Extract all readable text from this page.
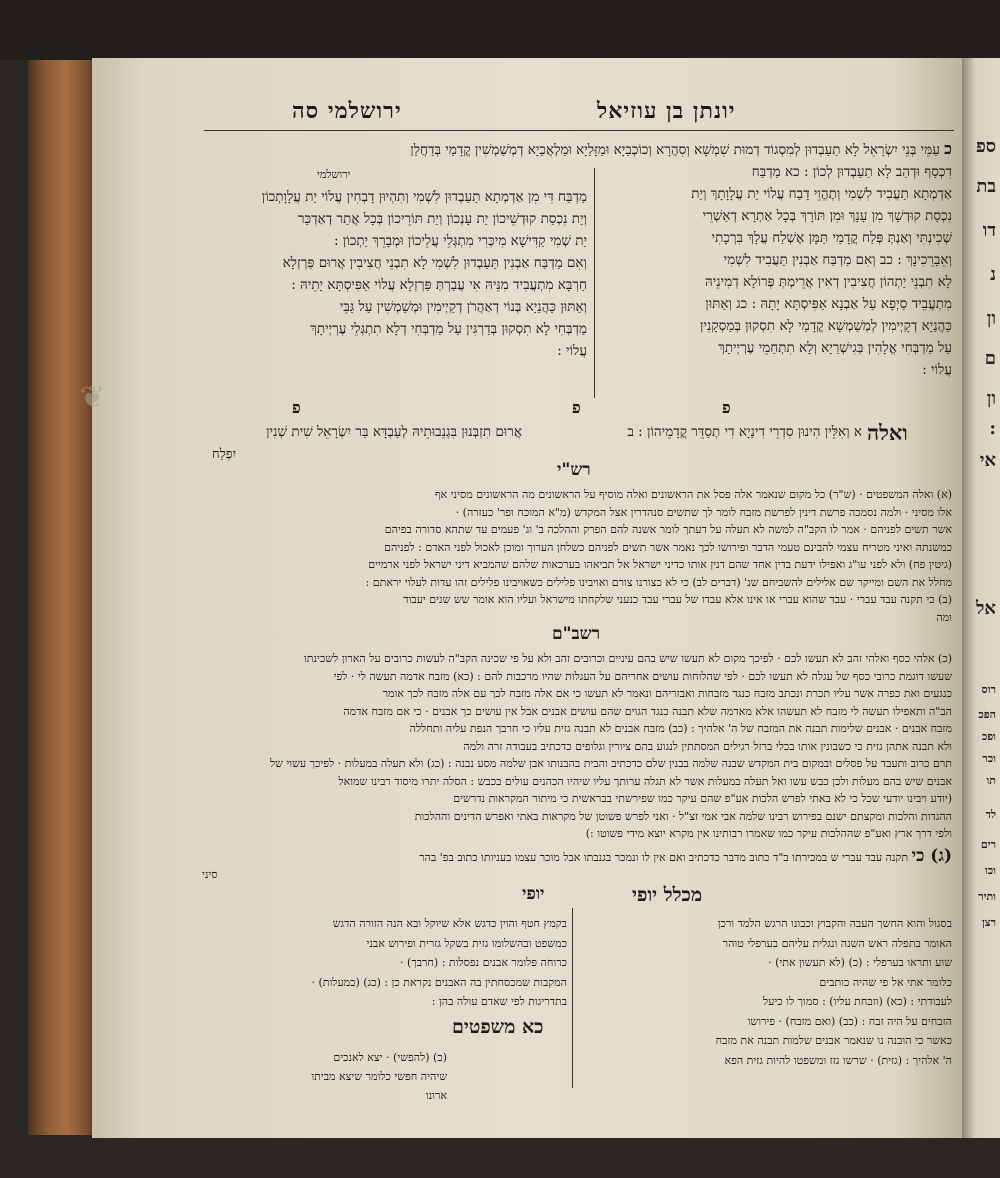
ירושלמי סה	יונתן בן עוזיאל
כ עַמֵּי בְּנֵי יִשְׂרָאֵל לָא תַעַבְדוּן לְמִסְגוֹד דְמוּת שִׁמְשָׁא וְסִהֲרָא וְכוֹכְבַיָא וּמַזָּלַיָא וּמַלְאֲכַיָא דְמְשַׁמְשִׁין קֳדָמַי בְּדַחֲלַן

דִכְסַף וּדְהַב לָא תַעַבְדוּן לְכוֹן : כא מַדְבַּח

אַדְמְתָא תַעֲבִיד לִשְׁמִי וְתֶהֱוֵי דָבַח עֲלוֹי יַת עֲלָוָתָךְ וְיַת

נִכְסַת קוּדְשָׁךְ מִן עָנָךְ וּמִן תּוֹרָךְ בְּכָל אַתְרָא דְאַשְׁרֵי

שְׁכִינְתִּי וְאַנְתְּ פְּלַח קֳדָמַי תַּמָּן אֶשְׁלַח עֲלָךְ בִּרְכָתִי

וְאֵבָרֵכִינָךְ : כב וְאִם מַדְבַּח אַבְנִין תַּעֲבִיד לִשְׁמִי

לָא תִבְנֵי יַתְהוֹן חֲצִיבִין דְאִין אֲרֵימְתְּ פְּרוֹלָא דְמִינֵיהּ

מִתְעֲבֵיד סַיְפָא עַל אַבְנָא אַפִּיסְתָּא יָתָהּ : כג וְאַתּוּן

כַּהֲנַיָא דְקָיְימִין לְמְשַׁמְשָׁא קֳדָמַי לָא תִסְקוּן בְּמַסְקָנִין

עַל מַדְבְּחִי אֱלָהִין בְּגִישְׁרַיָא וְלָא תִתְחַמֵי עֶרְיְיתָךְ

עֲלוֹי :

ירושלמי

מַדְבַּח דִּי מִן אַדְמְתָא תַעַבְדוּן לִשְׁמִי וְתִהְיוּן דָבְחִין עֲלוֹי יַת עֲלָוָתְכוֹן

וְיַת נִכְסַת קוּדְשֵׁיכוֹן יַת עָנְכוֹן וְיַת תּוֹרֵיכוֹן בְּכָל אֲתַר דְאַדְכַּר

יַת שְׁמִי קַדִּישָׁא מִיכְּרִי מִתְגְּלֵי עֲלֵיכוֹן וּמְבָרֵךְ יַתְכוֹן :

וְאִם מַדְבַּח אַבְנִין תַּעַבְדוּן לִשְׁמִי לָא תִבְנֵי חֲצִיבִין אֲרוּם פַּרְזְלָא

חַרְבָּא מִתְעֲבִיד מִנֵּיהּ אִי עֲבַרְתְּ פַּרְזְלָא עֲלוֹי אַפִּיסְתָּא יָתֵיהּ :

וְאַתּוּן כַּהֲנַיָא בְּנוֹי דְאַהֲרֹן דְקַיְימִין וּמְשַׁמְשִׁין עַל גַּבֵּי

מַדְבְּחִי לָא תִסְקוּן בְּדַרְגִּין עַל מַדְבְּחִי דְלָא תִתְגְּלֵי עֶרְיְיתָךְ

עֲלוֹי :

פ	פ	פ
ואלה
א וְאִלֵּין הִינוּן סִדְרֵי דִינַיָא דִי תְסַדֵּר קֳדָמֵיהוֹן : ב
אֲרוּם תִזְבְּנוּן בִּגְנֵבוּתֵיהּ לְעַבְדָּא בַּר יִשְׂרָאֵל שִׁית שְׁנִין
יִפְלַח
רש"י

(א) ואלה המשפטים · (ש"ר) כל מקום שנאמר אלה פסל את הראשונים ואלה מוסיף על הראשונים מה הראשונים מסיני אף

אלו מסיני · ולמה נסמכה פרשת דינין לפרשת מזבח לומר לך שתשים סנהדרין אצל המקדש (מ"א המוכח ופר' כעזרה) ·

אשר תשים לפניהם · אמר לו הקב"ה למשה לא תעלה על דעתך לומר אשנה להם הפרק וההלכה ב' וג' פעמים עד שתהא סדורה בפיהם

כמשנתה ואיני מטריח עצמי להבינם טעמי הדבר ופירושו לכך נאמר אשר תשים לפניהם כשלחן הערוך ומוכן לאכול לפני האדם : לפניהם

(גיטין פח) ולא לפני עו"ג ואפילו ידעת בדין אחד שהם דנין אותו כדיני ישראל אל תביאהו בערכאות שלהם שהמביא דיני ישראל לפני ארמיים

מחלל את השם ומייקר שם אלילים להשביחם שנ' (דברים לב) כי לא כצורנו צורם ואויבינו פלילים כשאויבינו פלילים זהו עדות לעלוי יראתם :

(ב) כי תקנה עבד עברי · עבד שהוא עברי או אינו אלא עבדו של עברי עבד כנעני שלקחתו מישראל ועליו הוא אומר שש שנים יעבוד

ומה

רשב"ם

(כ) אלהי כסף ואלהי זהב לא תעשו לכם · לפיכך מקום לא תעשו שיש בהם עיניים וכרובים זהב ולא על פי שכינה הקב"ה לעשות כרובים על הארון לשכינתו

שעשו דוגמת כרובי כסף של עגלה לא תעשו לכם · לפי שהלוחות עושים אחריהם על העגלות שהיו מרכבות להם : (כא) מזבח אדמה תעשה לי · לפי

כנגעים ואת כפרה אשר עליו תכרת ונכתב מזבח כנגד מזבחות ואבזריהם ונאמר לא תעשו כי אם אלה מזבח לכך עם אלה מזבח לכך אומר

הב"ה ותאפילו תעשה לי מזבח לא תעשהו אלא מאדמה שלא תבנה כנגד הגוים שהם עושים אבנים אבל אין עושים כך אבנים · כי אם מזבח אדמה

מזבח אבנים · אבנים שלימות תבנה את המזבח של ה' אלהיך : (כב) מזבח אבנים לא תבנה גזית עליו כי חרבך הנפת עליה ותחללה

ולא תבנה אתהן גזית כי כשבונין אותו בכלי ברזל רגילים המסתתין לנגוע בהם ציורין וגלופים כדכתיב בעבודה זרה ולמה

תרם כרוב ותעבד על פסלים ובמקום בית המקדש שבנה שלמה בבנין שלם כדכתיב והבית בהבנותו אבן שלמה מסע נבנה : (כג) ולא תעלה במעלות · לפיכך עשוי של

אבנים שיש בהם מעלות ולכן כבש עשו ואל תעלה במעלות אשר לא תגלה ערותך עליו שיהיו הכהנים עולים בכבש : הסלה יתרו מיסוד רבינו שמואל

(יודע ויבינו יודעי שכל כי לא באתי לפרש הלכות אע"פ שהם עיקר כמו שפירשתי בבראשית כי מיתור המקראות נדרשים

ההגדות והלכות ומקצתם ישנם בפירוש רבינו שלמה אבי אמי זצ"ל · ואני לפרש פשוטן של מקראות באתי ואפרש הדינים וההלכות

ולפי דרך ארץ ואע"פ שההלכות עיקר כמו שאמרו רבותינו אין מקרא יוצא מידי פשוטו :)

(ג) כי תקנה עבד עברי ש במכירתו ב"ד כתוב מדבר כדכתיב ואם אין לו ונמכר בגנבתו אבל מוכר עצמו בעניותו כתוב בפ' בהר
סיני
מכלל יופי
יופי

בסגול והוא החשך העבה והקבוץ וכבונו הרגש הלמד ורכן

האומר בתפלה ראש השנה ונגלית עליהם בערפלי טוהר

שוע ותראו בערפלי : (כ) (לא תעשון אתי) ·

כלומר אתי אל פי שהיה כותבים

לעבודתי : (כא) (וזבחת עליו) : סמוך לו כיעל

הזבחים על היה זבח : (כב) (ואם מזבח) · פירושו

כאשר כי הובנה נו שנאמר אבנים שלמות תבנה את מזבח

ה' אלהיך : (גזית) · שרשו גזז ומשפטו להיות גזית הפא

בקמץ חטף והוין כדגש אלא שיוקל ובא הנה הזורה הדגש

כמשפט ובהשלומו גזית בשקל גזרית ופירוש אבני

כרוחה פלומר אבנים נפסלות : (חרבך) ·

המקבות שמכסחתין בה האבנים נקראת כן : (כג) (במעלות) ·

בתדריגות לפי שאדם עולה בהן :

כא משפטים

(כ) (להפשי) · יצא לאנכים

שיהיה חפשי כלומר שיצא מביתו

ארונו

❦
ספ
בת
דו
נ
ון
ם
ון
:
אי
אל
רוס
הפכ
ופכ
וכר
תו
לד
רים
וכו
ותיר
רצן
